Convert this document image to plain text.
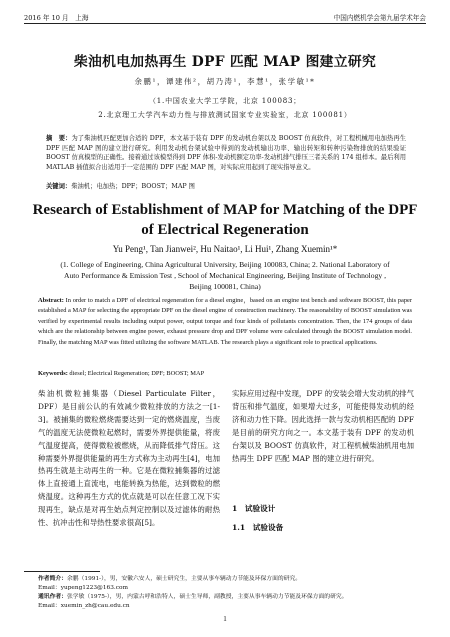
2016 年 10 月　上海	中国内燃机学会第九届学术年会
柴油机电加热再生 DPF 匹配 MAP 图建立研究
余鹏¹，谭建伟²，胡乃涛¹，李慧¹，张学敏¹*
（1.中国农业大学工学院，北京 100083；
2.北京理工大学汽车动力性与排放测试国家专业实验室，北京 100081）
摘　要：为了柴油机匹配更加合适的 DPF，本文基于装有 DPF 的发动机台架以及 BOOST 仿真软件，对工程机械用电加热再生 DPF 匹配 MAP 图的建立进行研究。利用发动机台架试验中得到的发动机输出功率、输出转矩和转种污染物排放的结果验证 BOOST 仿真模型的正确性。接着通过该模型得到 DPF 体积-发动机额定功率-发动机排气排压三者关系的 174 组样本。最后利用 MATLAB 插值拟合出适用于一定范围的 DPF 匹配 MAP 图，对实际应用起到了现实指导意义。
关键词：柴油机；电加热；DPF；BOOST；MAP 图
Research of Establishment of MAP for Matching of the DPF
of Electrical Regeneration
Yu Peng¹, Tan Jianwei², Hu Naitao¹, Li Hui¹, Zhang Xuemin¹*
(1. College of Engineering, China Agricultural University, Beijing 100083, China; 2. National Laboratory of
Auto Performance & Emission Test , School of Mechanical Engineering, Beijing Institute of Technology ,
Beijing 100081, China)
Abstract: In order to match a DPF of electrical regeneration for a diesel engine，based on an engine test bench and software BOOST, this paper established a MAP for selecting the appropriate DPF on the diesel engine of construction machinery. The reasonability of BOOST simulation was verified by experimental results including output power, output torque and four kinds of pollutants concentration. Then, the 174 groups of data which are the relationship between engine power, exhaust pressure drop and DPF volume were calculated through the BOOST simulation model. Finally, the matching MAP was fitted utilizing the software MATLAB. The research plays a significant role to practical applications.
Keywords: diesel; Electrical Regeneration; DPF; BOOST; MAP
柴油机微粒捕集器（Diesel Particulate Filter，DPF）是目前公认的有效减少微粒排放的方法之一[1-3]。被捕集的微粒燃烧需要达到一定的燃烧温度，当废气的温度无法使微粒起燃时，需要外界提供能量，将废气温度提高，使得微粒被燃烧，从而降低排气背压。这种需要外界提供能量的再生方式称为主动再生[4]，电加热再生就是主动再生的一种。它是在微粒捕集器的过滤体上直接通上直流电，电能转换为热能，达到微粒的燃烧温度。这种再生方式的优点就是可以在任意工况下实现再生，缺点是对再生始点判定控制以及过滤体的耐热性、抗冲击性和导热性要求很高[5]。
实际应用过程中发现，DPF 的安装会增大发动机的排气背压和排气温度，如果增大过多，可能使得发动机的经济和动力性下降。因此选择一款与发动机相匹配的 DPF 是目前的研究方向之一。本文基于装有 DPF 的发动机台架以及 BOOST 仿真软件，对工程机械柴油机用电加热再生 DPF 匹配 MAP 图的建立进行研究。
1　试验设计
1.1　试验设备
作者简介：余鹏（1991-），男，安徽六安人，硕士研究生，主要从事车辆动力节能及环保方面的研究。
Email：yupeng1223@163.com
通讯作者：张学敏（1975-），男，内蒙古呼和浩特人，硕士生导师，副教授，主要从事车辆动力节能及环保方面的研究。
Email：xuemin_zh@cau.edu.cn
1
